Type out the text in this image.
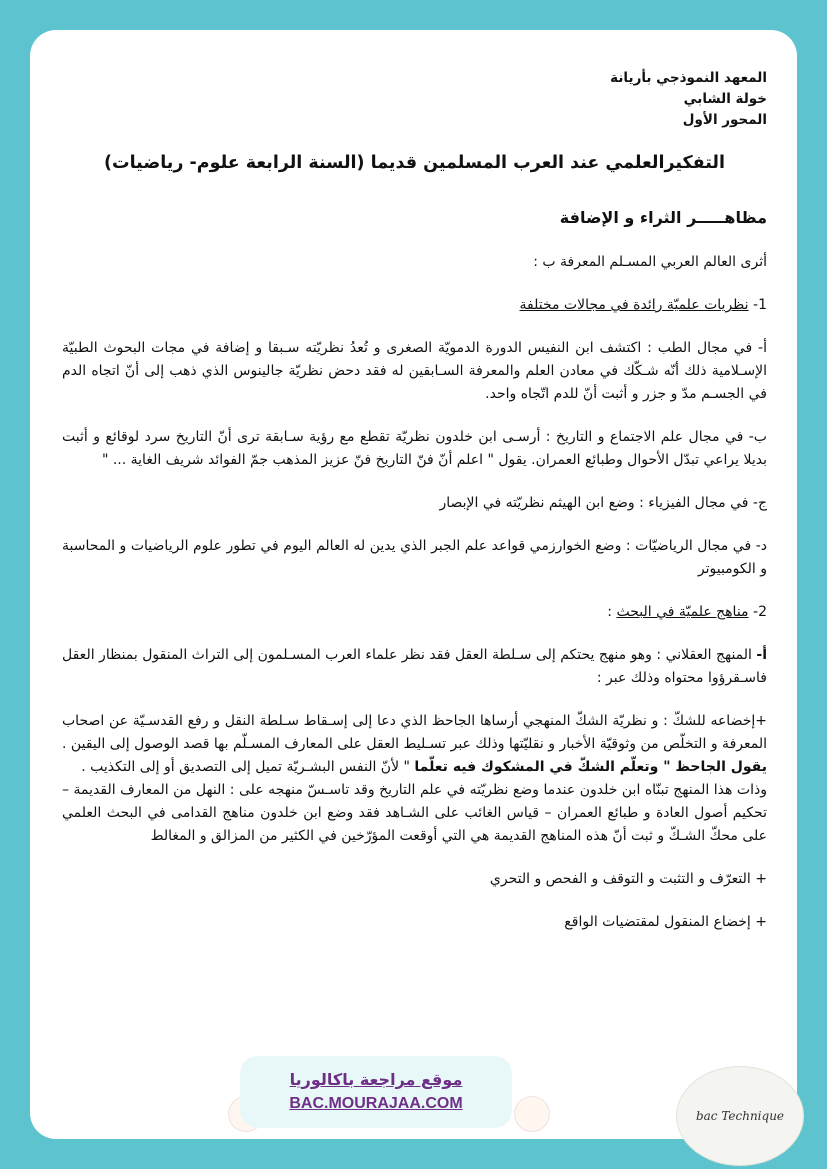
المعهد النموذجي بأريانة

خولة الشابي

المحور الأول

التفكيرالعلمي عند العرب المسلمين قديما (السنة الرابعة علوم- رياضيات)

مظاهـــــر الثراء و الإضافة

أثرى العالم العربي المسـلم المعرفة ب :

1- نظريات علميّة رائدة في مجالات مختلفة

أ- في مجال الطب : اكتشف ابن النفيس الدورة الدمويّة الصغرى و تُعدُ نظريّته سـبقا و إضافة في مجات البحوث الطبيّة الإسـلامية ذلك أنّه شـكّك في معادن العلم والمعرفة السـابقين له فقد دحض نظريّة جالينوس الذي ذهب إلى أنّ اتجاه الدم في الجسـم مدّ و جزر و أثبت أنّ للدم اتّجاه واحد.

ب- في مجال علم الاجتماع و التاريخ : أرسـى ابن خلدون نظريّة تقطع مع رؤية سـابقة ترى أنّ التاريخ سرد لوقائع و أثبت بديلا يراعي تبدّل الأحوال وطبائع العمران. يقول " اعلم أنّ فنّ التاريخ فنّ عزيز المذهب جمّ الفوائد شريف الغاية ... "

ج- في مجال الفيزياء : وضع ابن الهيثم نظريّته في الإبصار

د- في مجال الرياضيّات : وضع الخوارزمي قواعد علم الجبر الذي يدين له العالم اليوم في تطور علوم الرياضيات و المحاسبة و الكومبيوتر

2- مناهج علميّة في البحث :

أ- المنهج العقلاني : وهو منهج يحتكم إلى سـلطة العقل فقد نظر علماء العرب المسـلمون إلى التراث المنقول بمنظار العقل فاسـقرؤوا محتواه وذلك عبر :

+إخضاعه للشكّ : و نظريّة الشكّ المنهجي أرساها الجاحظ الذي دعا إلى إسـقاط سـلطة النقل و رفع القدسـيّة عن اصحاب المعرفة و التخلّص من وثوقيّة الأخبار و نقليّتها وذلك عبر تسـليط العقل على المعارف المسـلّم بها قصد الوصول إلى اليقين . يقول الجاحظ " وتعلّم الشكّ في المشكوك فيه تعلّما " لأنّ النفس البشـريّة تميل إلى التصديق أو إلى التكذيب .

وذات هذا المنهج تبنّاه ابن خلدون عندما وضع نظريّته في علم التاريخ وقد تاسـسّ منهجه على : النهل من المعارف القديمة – تحكيم أصول العادة و طبائع العمران – قياس الغائب على الشـاهد فقد وضع ابن خلدون مناهج القدامى في البحث العلمي على محكّ الشـكّ و ثبت أنّ هذه المناهج القديمة هي التي أوقعت المؤرّخين في الكثير من المزالق و المغالط

+ التعرّف و التثبت و التوقف و الفحص و التحري

+ إخضاع المنقول لمقتضيات الواقع

موقع مراجعة باكالوريا
BAC.MOURAJAA.COM
bac Technique
